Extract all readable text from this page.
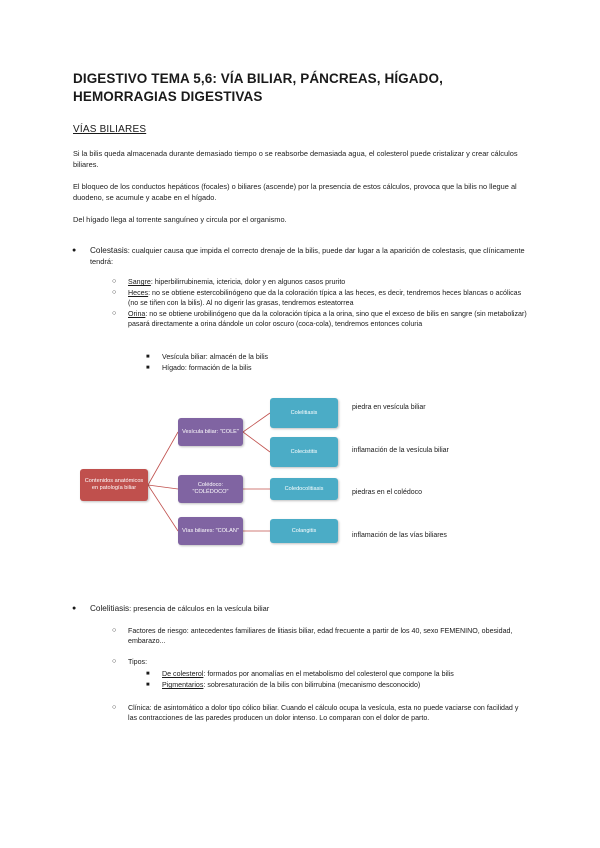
DIGESTIVO TEMA 5,6: VÍA BILIAR, PÁNCREAS, HÍGADO, HEMORRAGIAS DIGESTIVAS
VÍAS BILIARES
Si la bilis queda almacenada durante demasiado tiempo o se reabsorbe demasiada agua, el colesterol puede cristalizar y crear cálculos biliares.
El bloqueo de los conductos hepáticos (focales) o biliares (ascende) por la presencia de estos cálculos, provoca que la bilis no llegue al duodeno, se acumule y acabe en el hígado.
Del hígado llega al torrente sanguíneo y circula por el organismo.
● Colestasis: cualquier causa que impida el correcto drenaje de la bilis, puede dar lugar a la aparición de colestasis, que clínicamente tendrá:
○ Sangre: hiperbilirrubinemia, ictericia, dolor y en algunos casos prurito
○ Heces: no se obtiene estercobilinógeno que da la coloración típica a las heces, es decir, tendremos heces blancas o acólicas (no se tiñen con la bilis). Al no digerir las grasas, tendremos esteatorrea
○ Orina: no se obtiene urobilinógeno que da la coloración típica a la orina, sino que el exceso de bilis en sangre (sin metabolizar) pasará directamente a orina dándole un color oscuro (coca-cola), tendremos entonces coluria
■ Vesícula biliar: almacén de la bilis
■ Hígado: formación de la bilis
Contenidos anatómicos en patología biliar
Vesícula biliar: "COLE"
Colédoco: "COLÉDOCO"
Vías biliares: "COLAN"
Colelitiasis
Colecistitis
Coledocolitiasis
Colangitis
piedra en vesícula biliar
inflamación de la vesícula biliar
piedras en el colédoco
inflamación de las vías biliares
● Colelitiasis: presencia de cálculos en la vesícula biliar
○ Factores de riesgo: antecedentes familiares de litiasis biliar, edad frecuente a partir de los 40, sexo FEMENINO, obesidad, embarazo...
○ Tipos:
■ De colesterol: formados por anomalías en el metabolismo del colesterol que compone la bilis
■ Pigmentarios: sobresaturación de la bilis con bilirrubina (mecanismo desconocido)
○ Clínica: de asintomático a dolor tipo cólico biliar. Cuando el cálculo ocupa la vesícula, esta no puede vaciarse con facilidad y las contracciones de las paredes producen un dolor intenso. Lo comparan con el dolor de parto.
